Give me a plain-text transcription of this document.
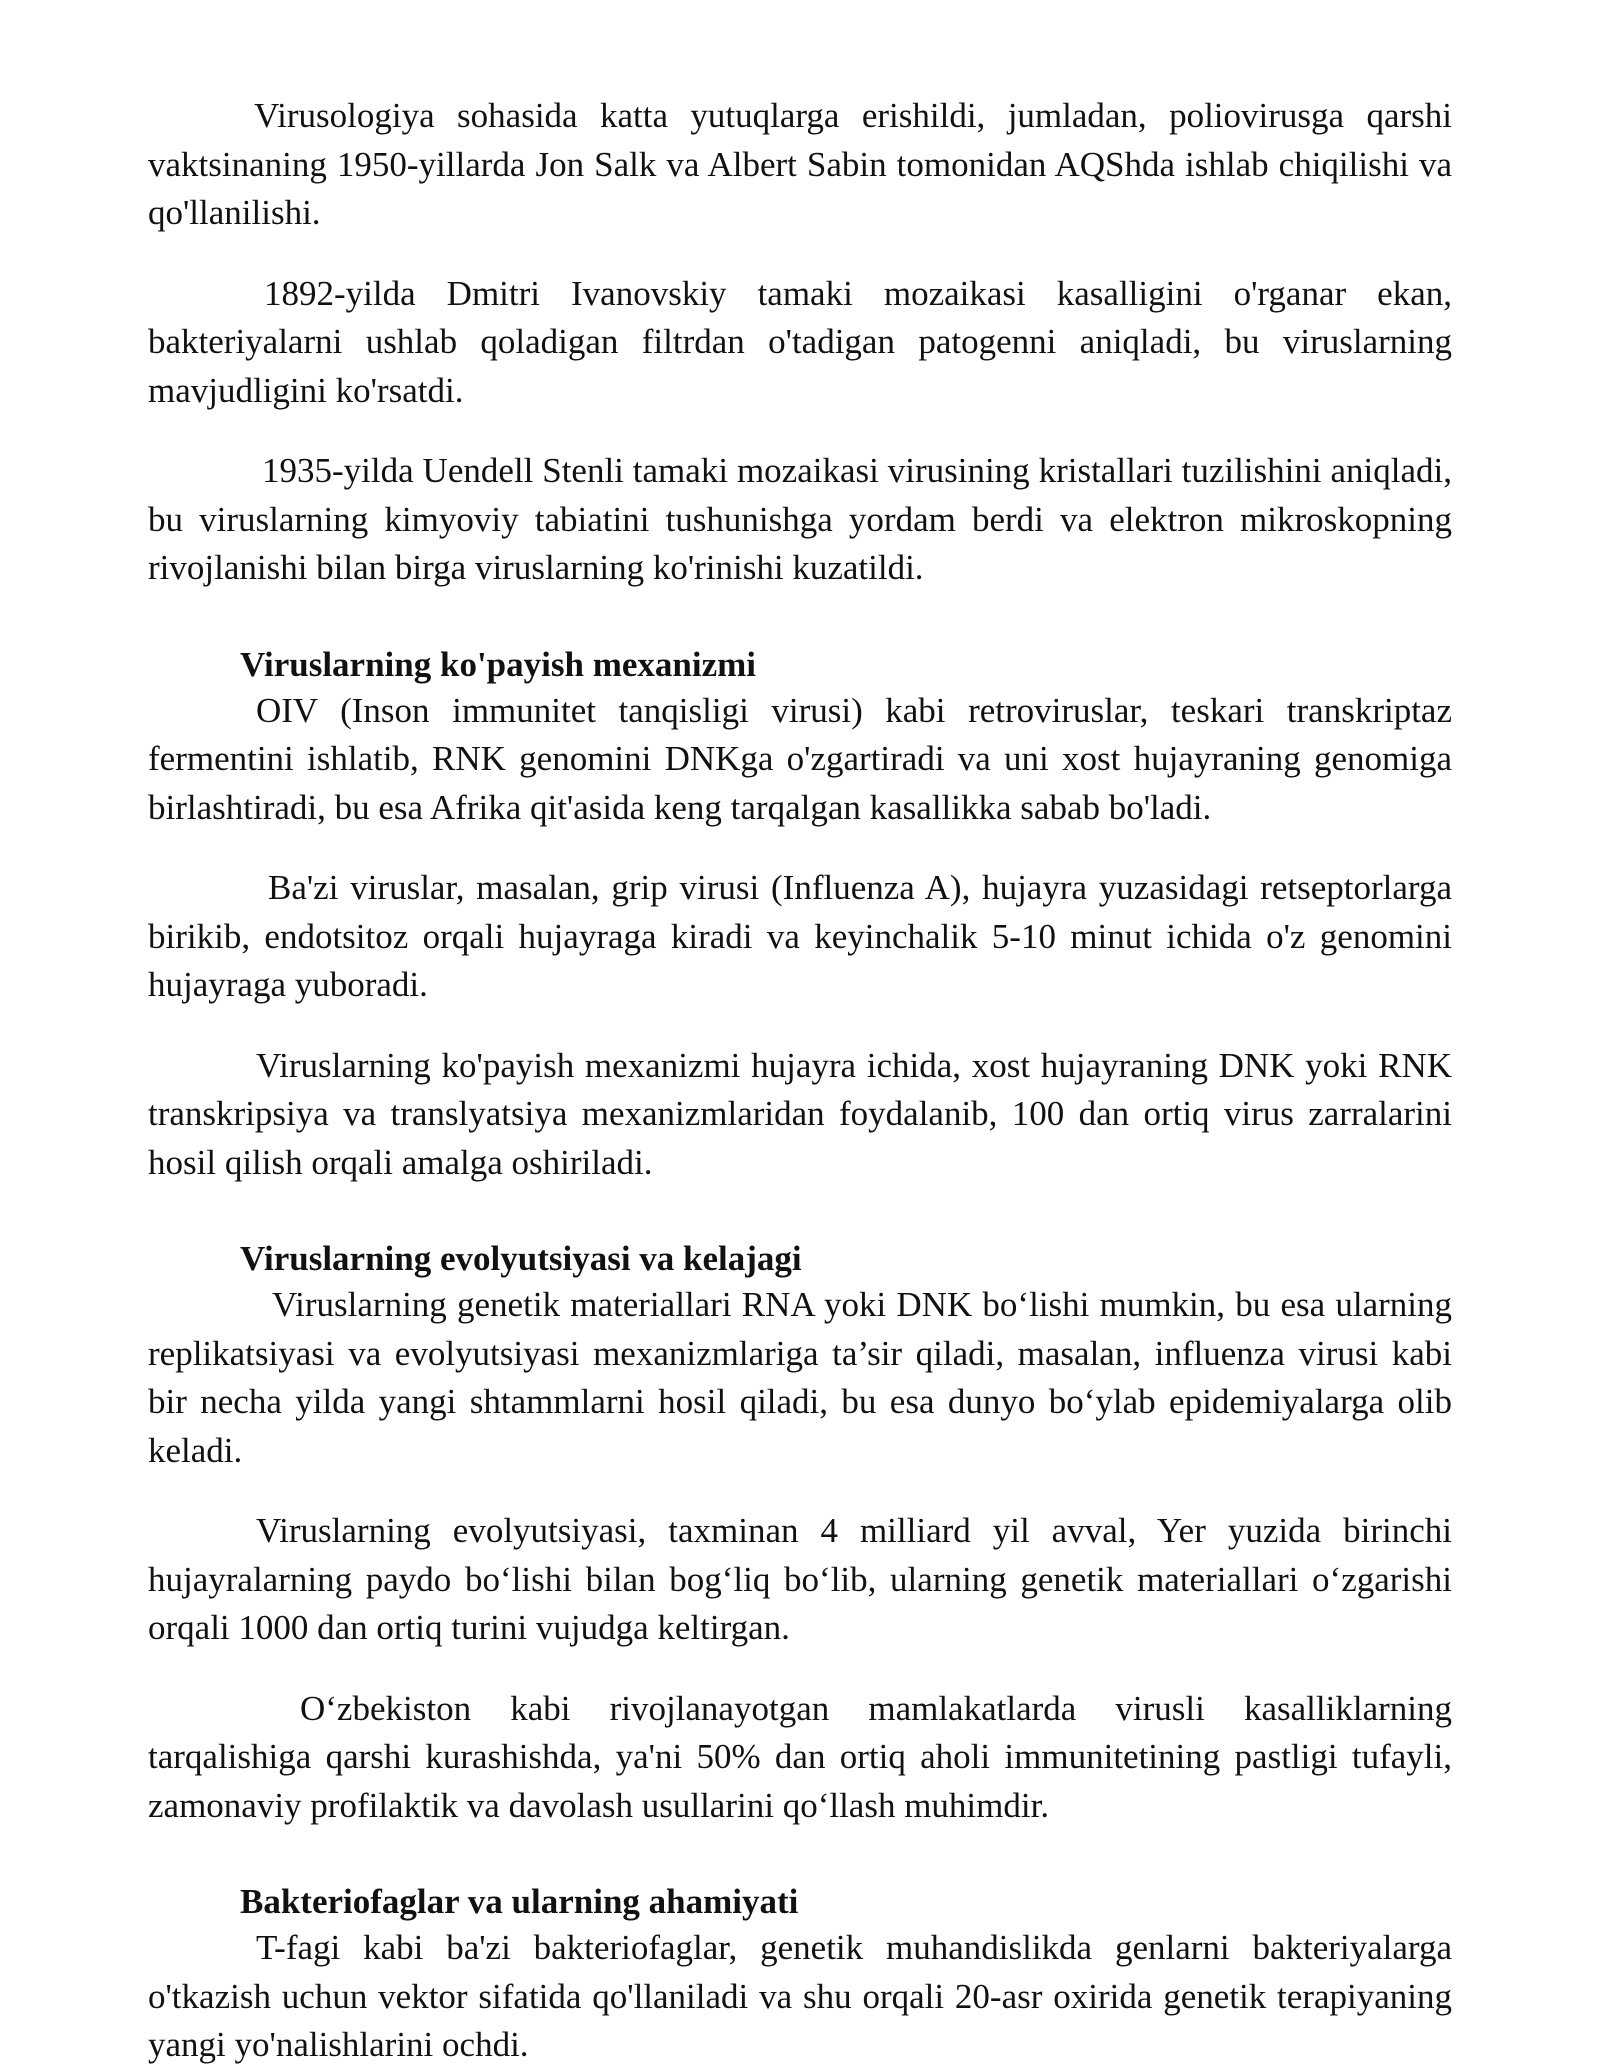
Virusologiya sohasida katta yutuqlarga erishildi, jumladan, poliovirusga qarshi vaktsinaning 1950-yillarda Jon Salk va Albert Sabin tomonidan AQShda ishlab chiqilishi va qo'llanilishi.

1892-yilda Dmitri Ivanovskiy tamaki mozaikasi kasalligini o'rganar ekan, bakteriyalarni ushlab qoladigan filtrdan o'tadigan patogenni aniqladi, bu viruslarning mavjudligini ko'rsatdi.

1935-yilda Uendell Stenli tamaki mozaikasi virusining kristallari tuzilishini aniqladi, bu viruslarning kimyoviy tabiatini tushunishga yordam berdi va elektron mikroskopning rivojlanishi bilan birga viruslarning ko'rinishi kuzatildi.

Viruslarning ko'payish mexanizmi

OIV (Inson immunitet tanqisligi virusi) kabi retroviruslar, teskari transkriptaz fermentini ishlatib, RNK genomini DNKga o'zgartiradi va uni xost hujayraning genomiga birlashtiradi, bu esa Afrika qit'asida keng tarqalgan kasallikka sabab bo'ladi.

Ba'zi viruslar, masalan, grip virusi (Influenza A), hujayra yuzasidagi retseptorlarga birikib, endotsitoz orqali hujayraga kiradi va keyinchalik 5-10 minut ichida o'z genomini hujayraga yuboradi.

Viruslarning ko'payish mexanizmi hujayra ichida, xost hujayraning DNK yoki RNK transkripsiya va translyatsiya mexanizmlaridan foydalanib, 100 dan ortiq virus zarralarini hosil qilish orqali amalga oshiriladi.

Viruslarning evolyutsiyasi va kelajagi

Viruslarning genetik materiallari RNA yoki DNK bo‘lishi mumkin, bu esa ularning replikatsiyasi va evolyutsiyasi mexanizmlariga ta’sir qiladi, masalan, influenza virusi kabi bir necha yilda yangi shtammlarni hosil qiladi, bu esa dunyo bo‘ylab epidemiyalarga olib keladi.

Viruslarning evolyutsiyasi, taxminan 4 milliard yil avval, Yer yuzida birinchi hujayralarning paydo bo‘lishi bilan bog‘liq bo‘lib, ularning genetik materiallari o‘zgarishi orqali 1000 dan ortiq turini vujudga keltirgan.

O‘zbekiston kabi rivojlanayotgan mamlakatlarda virusli kasalliklarning tarqalishiga qarshi kurashishda, ya'ni 50% dan ortiq aholi immunitetining pastligi tufayli, zamonaviy profilaktik va davolash usullarini qo‘llash muhimdir.

Bakteriofaglar va ularning ahamiyati

T-fagi kabi ba'zi bakteriofaglar, genetik muhandislikda genlarni bakteriyalarga o'tkazish uchun vektor sifatida qo'llaniladi va shu orqali 20-asr oxirida genetik terapiyaning yangi yo'nalishlarini ochdi.
